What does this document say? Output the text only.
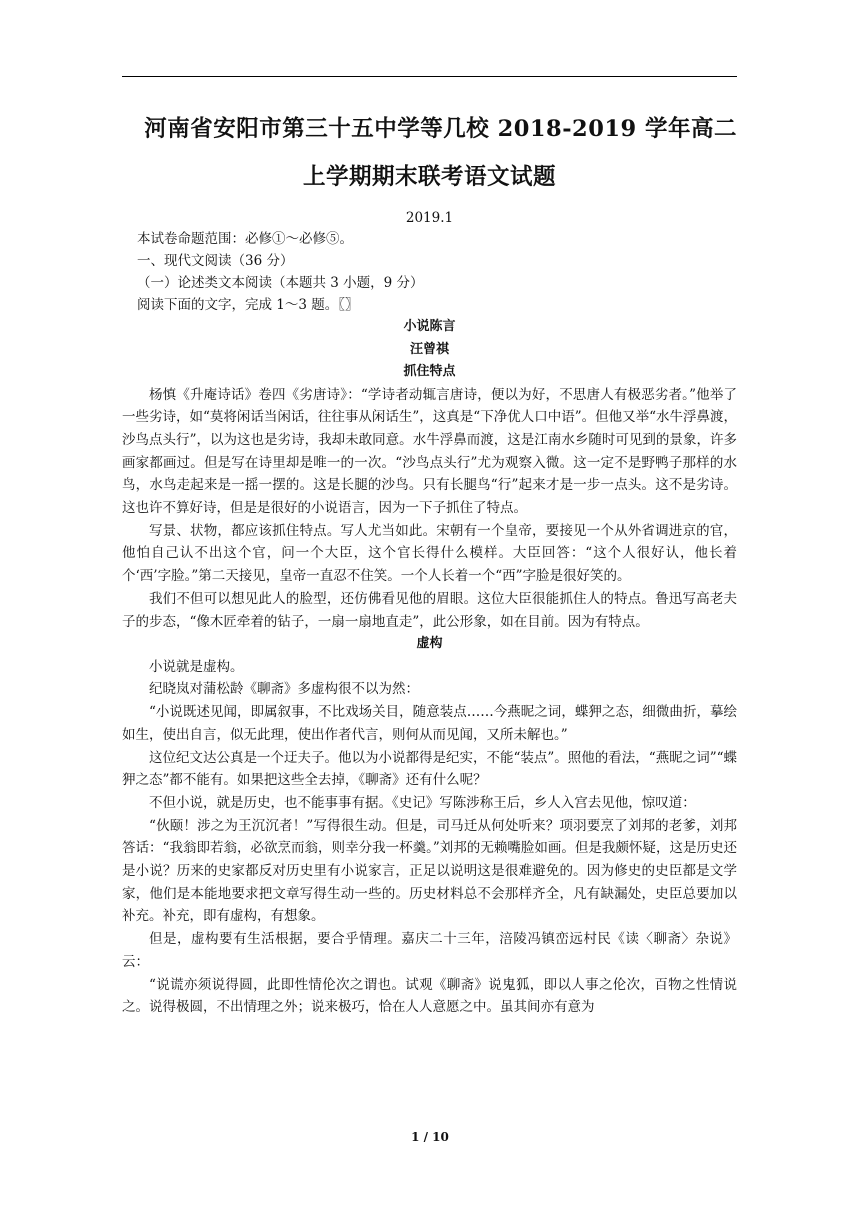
河南省安阳市第三十五中学等几校 2018-2019 学年高二
上学期期末联考语文试题
2019.1
本试卷命题范围：必修①～必修⑤。
一、现代文阅读（36 分）
（一）论述类文本阅读（本题共 3 小题，9 分）
阅读下面的文字，完成 1～3 题。〖〗
小说陈言
汪曾祺
抓住特点

杨慎《升庵诗话》卷四《劣唐诗》：“学诗者动辄言唐诗，便以为好，不思唐人有极恶劣者。”他举了一些劣诗，如“莫将闲话当闲话，往往事从闲话生”，这真是“下净优人口中语”。但他又举“水牛浮鼻渡，沙鸟点头行”，以为这也是劣诗，我却未敢同意。水牛浮鼻而渡，这是江南水乡随时可见到的景象，许多画家都画过。但是写在诗里却是唯一的一次。“沙鸟点头行”尤为观察入微。这一定不是野鸭子那样的水鸟，水鸟走起来是一摇一摆的。这是长腿的沙鸟。只有长腿鸟“行”起来才是一步一点头。这不是劣诗。这也许不算好诗，但是是很好的小说语言，因为一下子抓住了特点。

写景、状物，都应该抓住特点。写人尤当如此。宋朝有一个皇帝，要接见一个从外省调进京的官，他怕自己认不出这个官，问一个大臣，这个官长得什么模样。大臣回答：“这个人很好认，他长着个‘西’字脸。”第二天接见，皇帝一直忍不住笑。一个人长着一个“西”字脸是很好笑的。

我们不但可以想见此人的脸型，还仿佛看见他的眉眼。这位大臣很能抓住人的特点。鲁迅写高老夫子的步态，“像木匠牵着的钻子，一扇一扇地直走”，此公形象，如在目前。因为有特点。

虚构

小说就是虚构。

纪晓岚对蒲松龄《聊斋》多虚构很不以为然：

“小说既述见闻，即属叙事，不比戏场关目，随意装点……今燕昵之词，蝶狎之态，细微曲折，摹绘如生，使出自言，似无此理，使出作者代言，则何从而见闻，又所未解也。”

这位纪文达公真是一个迂夫子。他以为小说都得是纪实，不能“装点”。照他的看法，“燕昵之词”“蝶狎之态”都不能有。如果把这些全去掉，《聊斋》还有什么呢？

不但小说，就是历史，也不能事事有据。《史记》写陈涉称王后，乡人入宫去见他，惊叹道：

“伙颐！涉之为王沉沉者！”写得很生动。但是，司马迁从何处听来？项羽要烹了刘邦的老爹，刘邦答话：“我翁即若翁，必欲烹而翁，则幸分我一杯羹。”刘邦的无赖嘴脸如画。但是我颇怀疑，这是历史还是小说？历来的史家都反对历史里有小说家言，正足以说明这是很难避免的。因为修史的史臣都是文学家，他们是本能地要求把文章写得生动一些的。历史材料总不会那样齐全，凡有缺漏处，史臣总要加以补充。补充，即有虚构，有想象。

但是，虚构要有生活根据，要合乎情理。嘉庆二十三年，涪陵冯镇峦远村民《读〈聊斋〉杂说》云：

“说谎亦须说得圆，此即性情伦次之谓也。试观《聊斋》说鬼狐，即以人事之伦次，百物之性情说之。说得极圆，不出情理之外；说来极巧，恰在人人意愿之中。虽其间亦有意为

1 / 10
